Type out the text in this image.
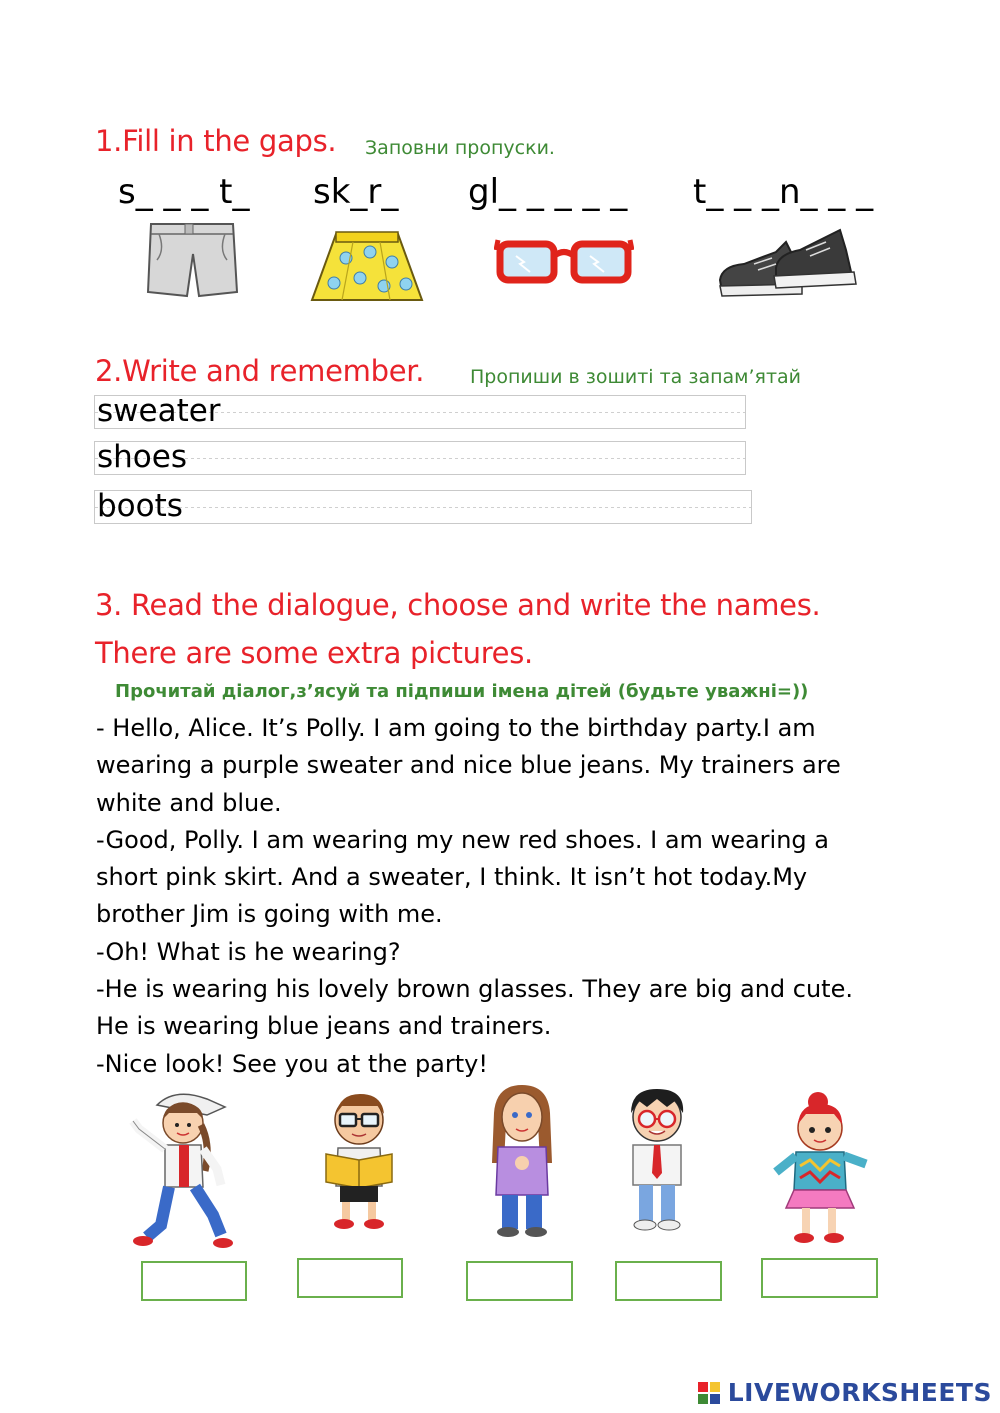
1.Fill in the gaps. Заповни пропуски.
s_ _ _ t_ sk_r_ gl_ _ _ _ _ t_ _ _n_ _ _
2.Write and remember. Пропиши в зошиті та запам’ятай
sweater
shoes
boots
3. Read the dialogue, choose and write the names.
There are some extra pictures.
Прочитай діалог,з’ясуй та підпиши імена дітей (будьте уважні=))
- Hello, Alice. It’s Polly. I am going to the birthday party.I am
wearing a purple sweater and nice blue jeans. My trainers are
white and blue.
-Good, Polly. I am wearing my new red shoes. I am wearing a
short pink skirt. And a sweater, I think. It isn’t hot today.My
brother Jim is going with me.
-Oh! What is he wearing?
-He is wearing his lovely brown glasses. They are big and cute.
He is wearing blue jeans and trainers.
-Nice look! See you at the party!
LIVEWORKSHEETS
